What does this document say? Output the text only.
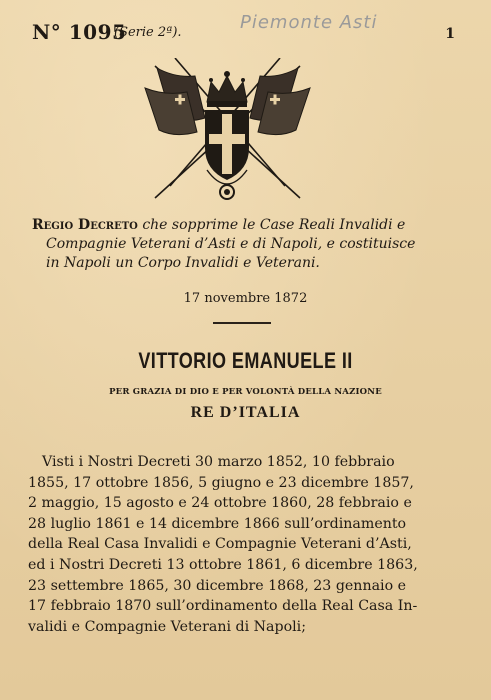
N° 1095
(Serie 2ª).	Piemonte Asti
1
Regio Decreto che sopprime le Case Reali Invalidi e
Compagnie Veterani d’Asti e di Napoli, e costituisce
in Napoli un Corpo Invalidi e Veterani.
17 novembre 1872
VITTORIO EMANUELE II
PER GRAZIA DI DIO E PER VOLONTÀ DELLA NAZIONE
RE D’ITALIA
Visti i Nostri Decreti 30 marzo 1852, 10 febbraio
1855, 17 ottobre 1856, 5 giugno e 23 dicembre 1857,
2 maggio, 15 agosto e 24 ottobre 1860, 28 febbraio e
28 luglio 1861 e 14 dicembre 1866 sull’ordinamento
della Real Casa Invalidi e Compagnie Veterani d’Asti,
ed i Nostri Decreti 13 ottobre 1861, 6 dicembre 1863,
23 settembre 1865, 30 dicembre 1868, 23 gennaio e
17 febbraio 1870 sull’ordinamento della Real Casa In-
validi e Compagnie Veterani di Napoli;
